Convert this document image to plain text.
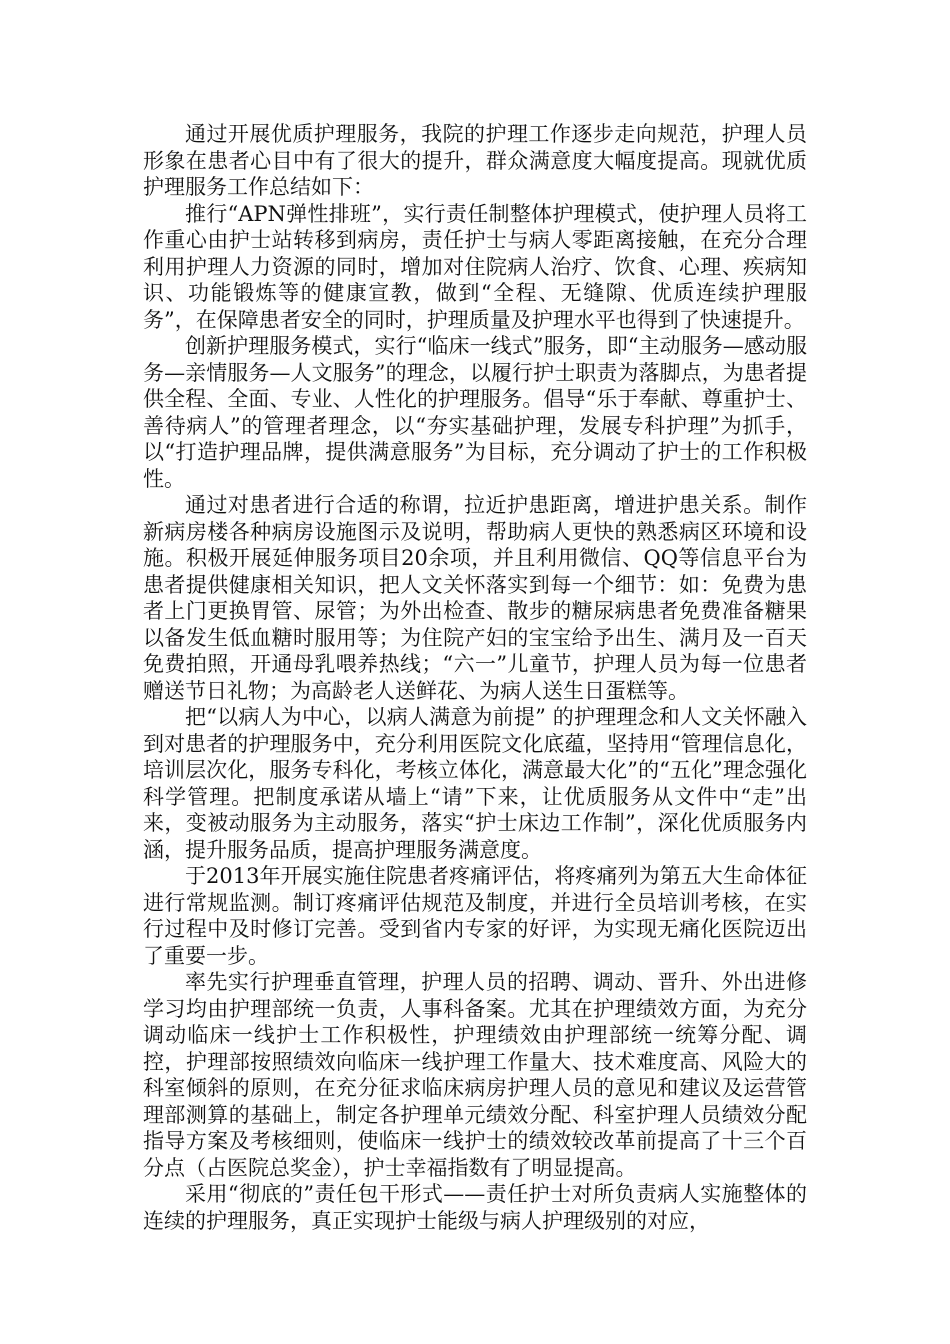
通过开展优质护理服务，我院的护理工作逐步走向规范，护理人员形象在患者心目中有了很大的提升，群众满意度大幅度提高。现就优质护理服务工作总结如下：

推行“APN弹性排班”，实行责任制整体护理模式，使护理人员将工作重心由护士站转移到病房，责任护士与病人零距离接触，在充分合理利用护理人力资源的同时，增加对住院病人治疗、饮食、心理、疾病知识、功能锻炼等的健康宣教，做到“全程、无缝隙、优质连续护理服务”，在保障患者安全的同时，护理质量及护理水平也得到了快速提升。

创新护理服务模式，实行“临床一线式”服务，即“主动服务—感动服务—亲情服务—人文服务”的理念，以履行护士职责为落脚点，为患者提供全程、全面、专业、人性化的护理服务。倡导“乐于奉献、尊重护士、善待病人”的管理者理念，以“夯实基础护理，发展专科护理”为抓手，以“打造护理品牌，提供满意服务”为目标，充分调动了护士的工作积极性。

通过对患者进行合适的称谓，拉近护患距离，增进护患关系。制作新病房楼各种病房设施图示及说明，帮助病人更快的熟悉病区环境和设施。积极开展延伸服务项目20余项，并且利用微信、QQ等信息平台为患者提供健康相关知识，把人文关怀落实到每一个细节：如：免费为患者上门更换胃管、尿管；为外出检查、散步的糖尿病患者免费准备糖果以备发生低血糖时服用等；为住院产妇的宝宝给予出生、满月及一百天免费拍照，开通母乳喂养热线；“六一”儿童节，护理人员为每一位患者赠送节日礼物；为高龄老人送鲜花、为病人送生日蛋糕等。

把“以病人为中心，以病人满意为前提” 的护理理念和人文关怀融入到对患者的护理服务中，充分利用医院文化底蕴，坚持用“管理信息化，培训层次化，服务专科化，考核立体化，满意最大化”的“五化”理念强化科学管理。把制度承诺从墙上“请”下来，让优质服务从文件中“走”出来，变被动服务为主动服务，落实“护士床边工作制”，深化优质服务内涵，提升服务品质，提高护理服务满意度。

于2013年开展实施住院患者疼痛评估，将疼痛列为第五大生命体征进行常规监测。制订疼痛评估规范及制度，并进行全员培训考核，在实行过程中及时修订完善。受到省内专家的好评，为实现无痛化医院迈出了重要一步。

率先实行护理垂直管理，护理人员的招聘、调动、晋升、外出进修学习均由护理部统一负责，人事科备案。尤其在护理绩效方面，为充分调动临床一线护士工作积极性，护理绩效由护理部统一统筹分配、调控，护理部按照绩效向临床一线护理工作量大、技术难度高、风险大的科室倾斜的原则，在充分征求临床病房护理人员的意见和建议及运营管理部测算的基础上，制定各护理单元绩效分配、科室护理人员绩效分配指导方案及考核细则，使临床一线护士的绩效较改革前提高了十三个百分点（占医院总奖金），护士幸福指数有了明显提高。

采用“彻底的”责任包干形式——责任护士对所负责病人实施整体的连续的护理服务，真正实现护士能级与病人护理级别的对应，
